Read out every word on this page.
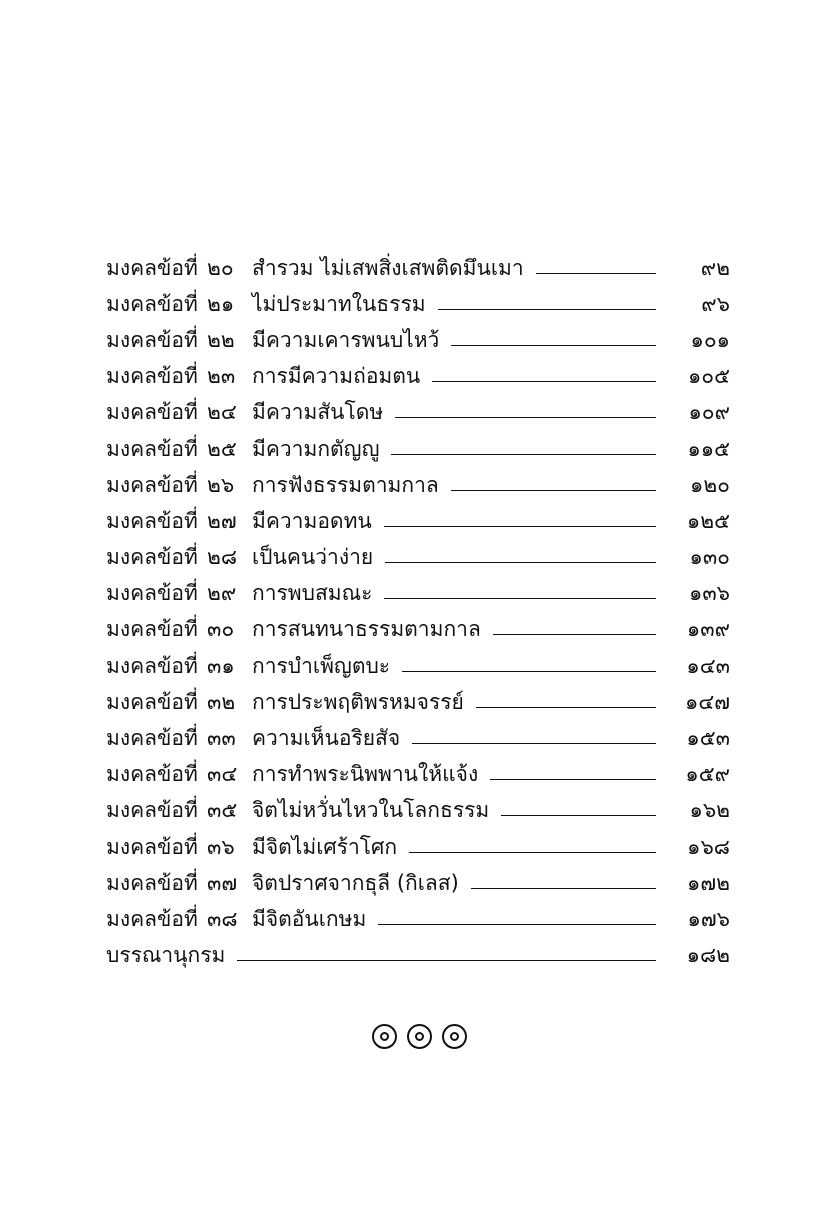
มงคลข้อที่ ๒๐ สำรวม ไม่เสพสิ่งเสพติดมึนเมา	๙๒
มงคลข้อที่ ๒๑ ไม่ประมาทในธรรม	๙๖
มงคลข้อที่ ๒๒ มีความเคารพนบไหว้	๑๐๑
มงคลข้อที่ ๒๓ การมีความถ่อมตน	๑๐๕
มงคลข้อที่ ๒๔ มีความสันโดษ	๑๐๙
มงคลข้อที่ ๒๕ มีความกตัญญู	๑๑๕
มงคลข้อที่ ๒๖ การฟังธรรมตามกาล	๑๒๐
มงคลข้อที่ ๒๗ มีความอดทน	๑๒๕
มงคลข้อที่ ๒๘ เป็นคนว่าง่าย	๑๓๐
มงคลข้อที่ ๒๙ การพบสมณะ	๑๓๖
มงคลข้อที่ ๓๐ การสนทนาธรรมตามกาล	๑๓๙
มงคลข้อที่ ๓๑ การบำเพ็ญตบะ	๑๔๓
มงคลข้อที่ ๓๒ การประพฤติพรหมจรรย์	๑๔๗
มงคลข้อที่ ๓๓ ความเห็นอริยสัจ	๑๕๓
มงคลข้อที่ ๓๔ การทำพระนิพพานให้แจ้ง	๑๕๙
มงคลข้อที่ ๓๕ จิตไม่หวั่นไหวในโลกธรรม	๑๖๒
มงคลข้อที่ ๓๖ มีจิตไม่เศร้าโศก	๑๖๘
มงคลข้อที่ ๓๗ จิตปราศจากธุลี (กิเลส)	๑๗๒
มงคลข้อที่ ๓๘ มีจิตอันเกษม	๑๗๖
บรรณานุกรม	๑๘๒
